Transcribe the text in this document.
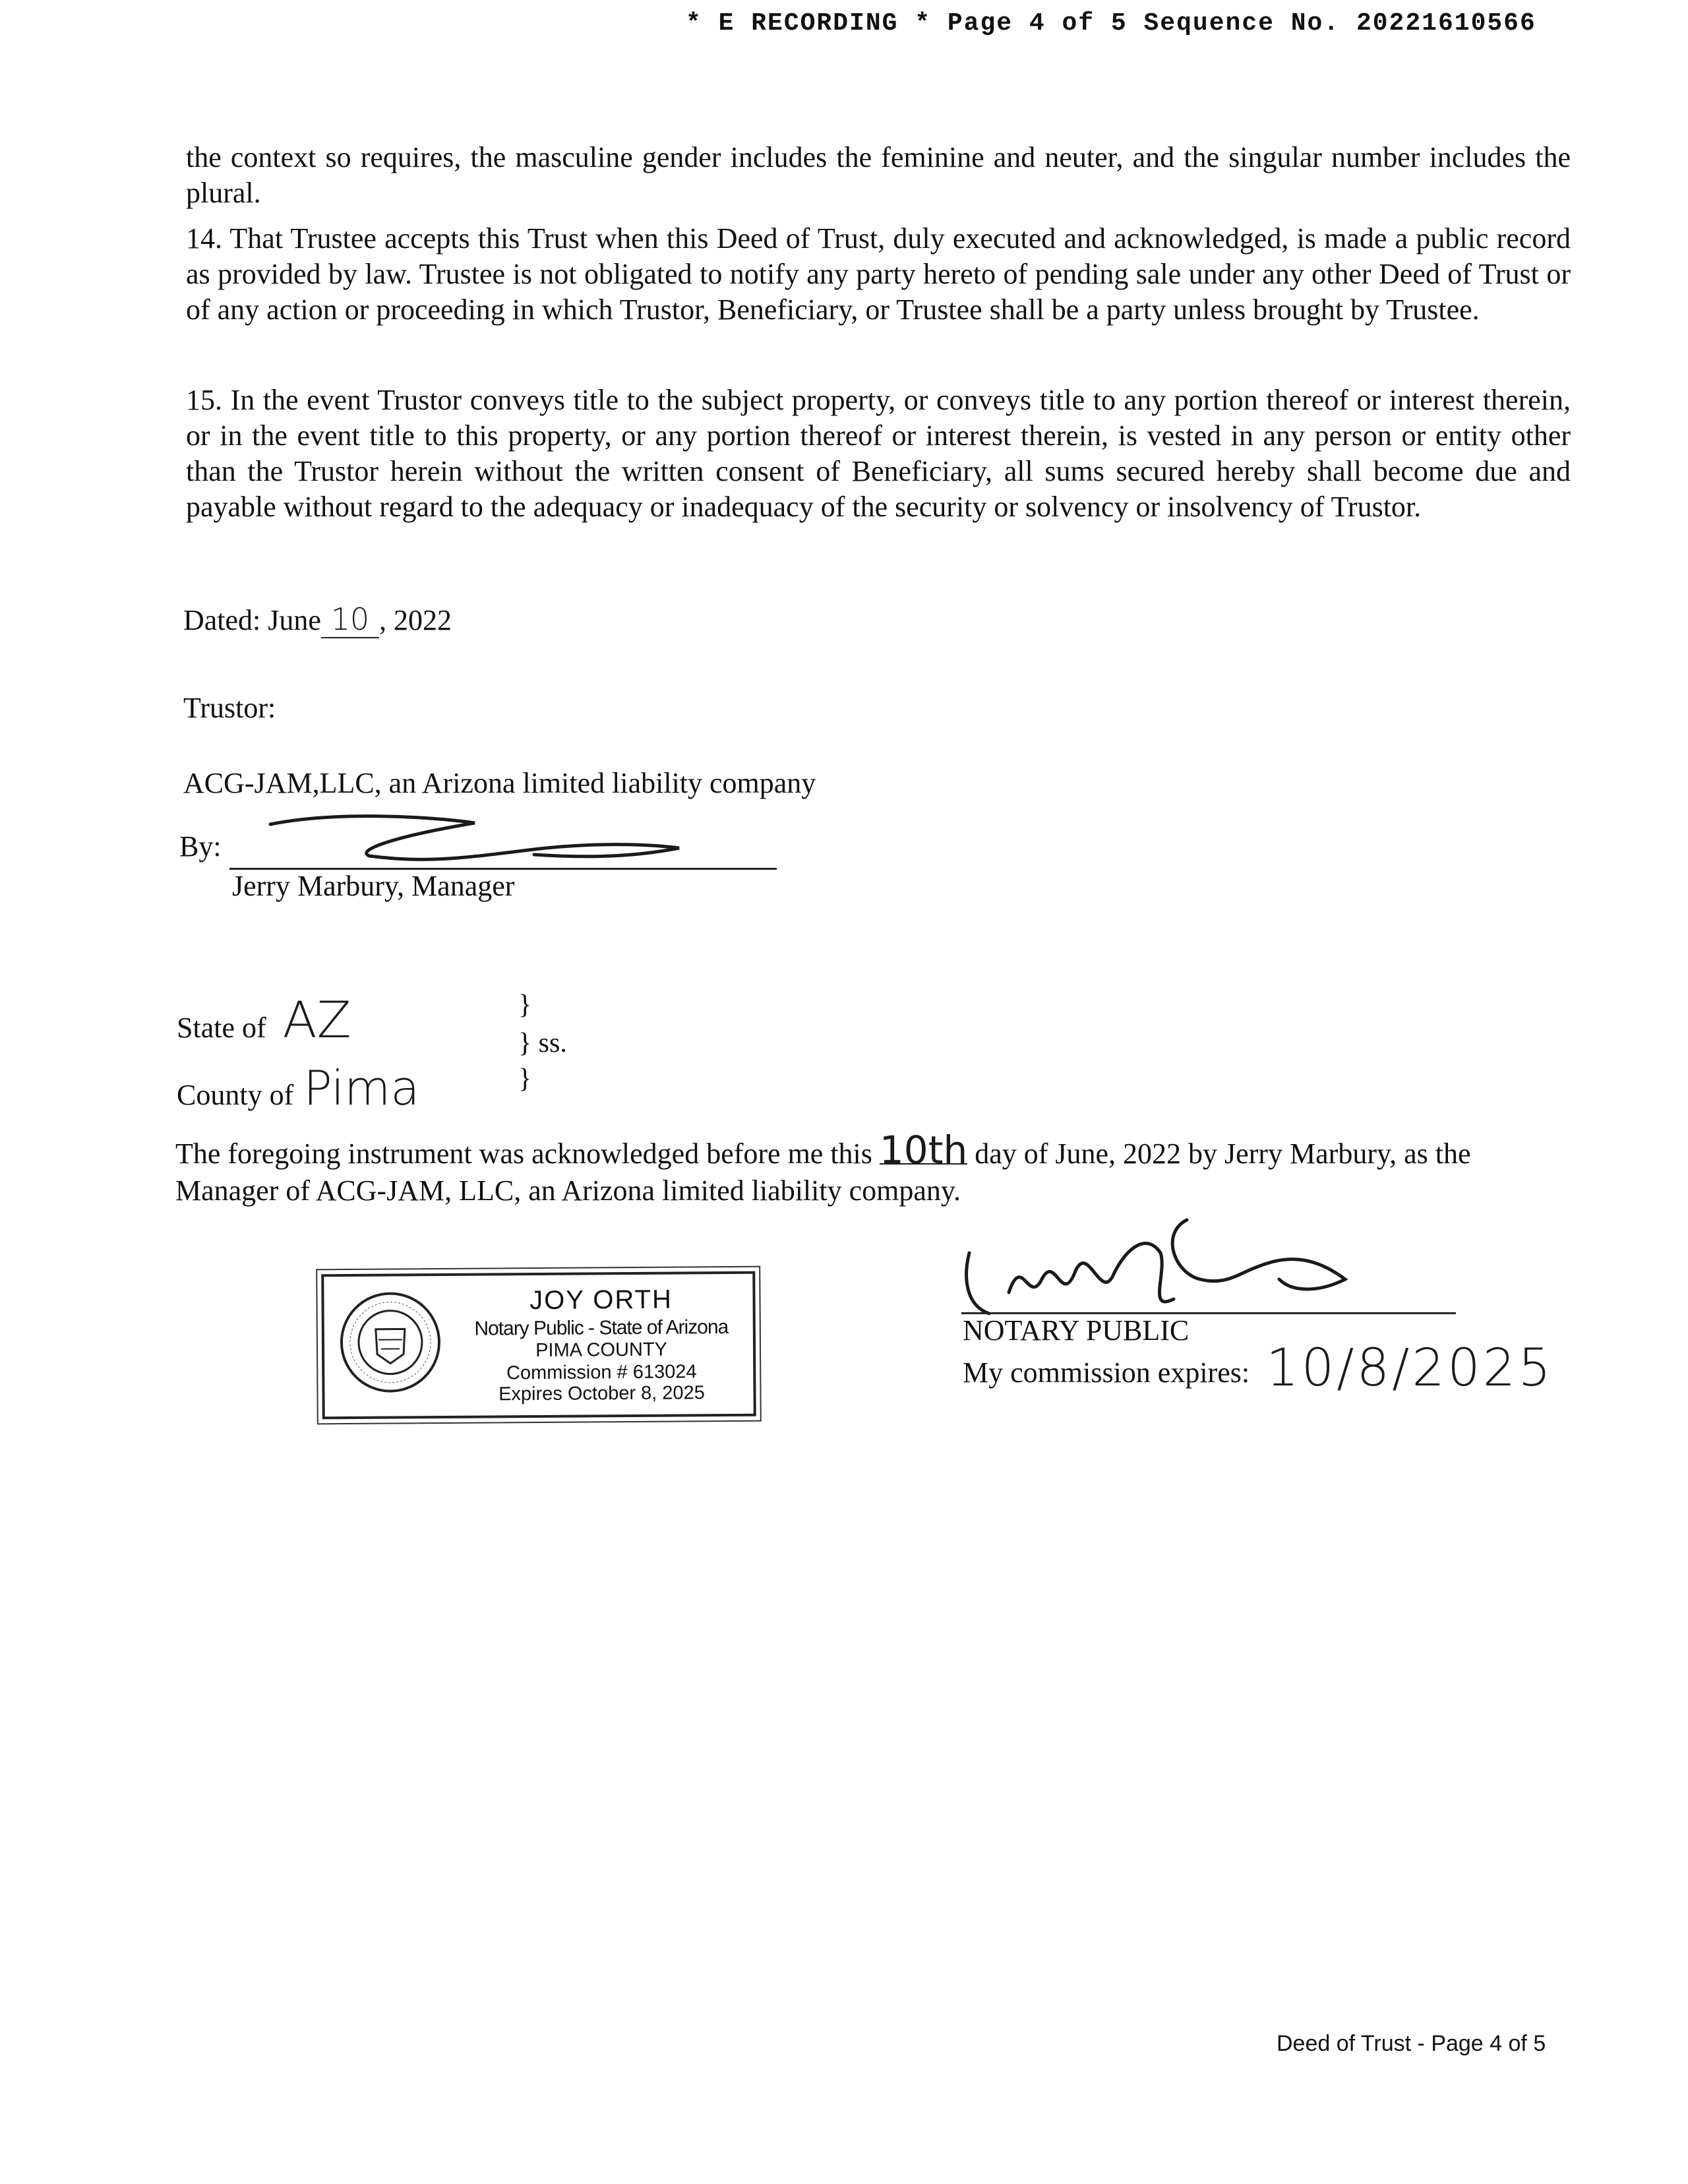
* E RECORDING * Page 4 of 5 Sequence No. 20221610566
the context so requires, the masculine gender includes the feminine and neuter, and the singular number includes the plural.
14. That Trustee accepts this Trust when this Deed of Trust, duly executed and acknowledged, is made a public record as provided by law. Trustee is not obligated to notify any party hereto of pending sale under any other Deed of Trust or of any action or proceeding in which Trustor, Beneficiary, or Trustee shall be a party unless brought by Trustee.
15. In the event Trustor conveys title to the subject property, or conveys title to any portion thereof or interest therein, or in the event title to this property, or any portion thereof or interest therein, is vested in any person or entity other than the Trustor herein without the written consent of Beneficiary, all sums secured hereby shall become due and payable without regard to the adequacy or inadequacy of the security or solvency or insolvency of Trustor.
Dated: June 10 , 2022
Trustor:
ACG-JAM,LLC, an Arizona limited liability company
By:
Jerry Marbury, Manager
State of AZ
County of Pima
}
} ss.
}
The foregoing instrument was acknowledged before me this 10th day of June, 2022 by Jerry Marbury, as the Manager of ACG-JAM, LLC, an Arizona limited liability company.
JOY ORTH
Notary Public - State of Arizona
PIMA COUNTY
Commission # 613024
Expires October 8, 2025
NOTARY PUBLIC
My commission expires: 10/8/2025
Deed of Trust - Page 4 of 5
